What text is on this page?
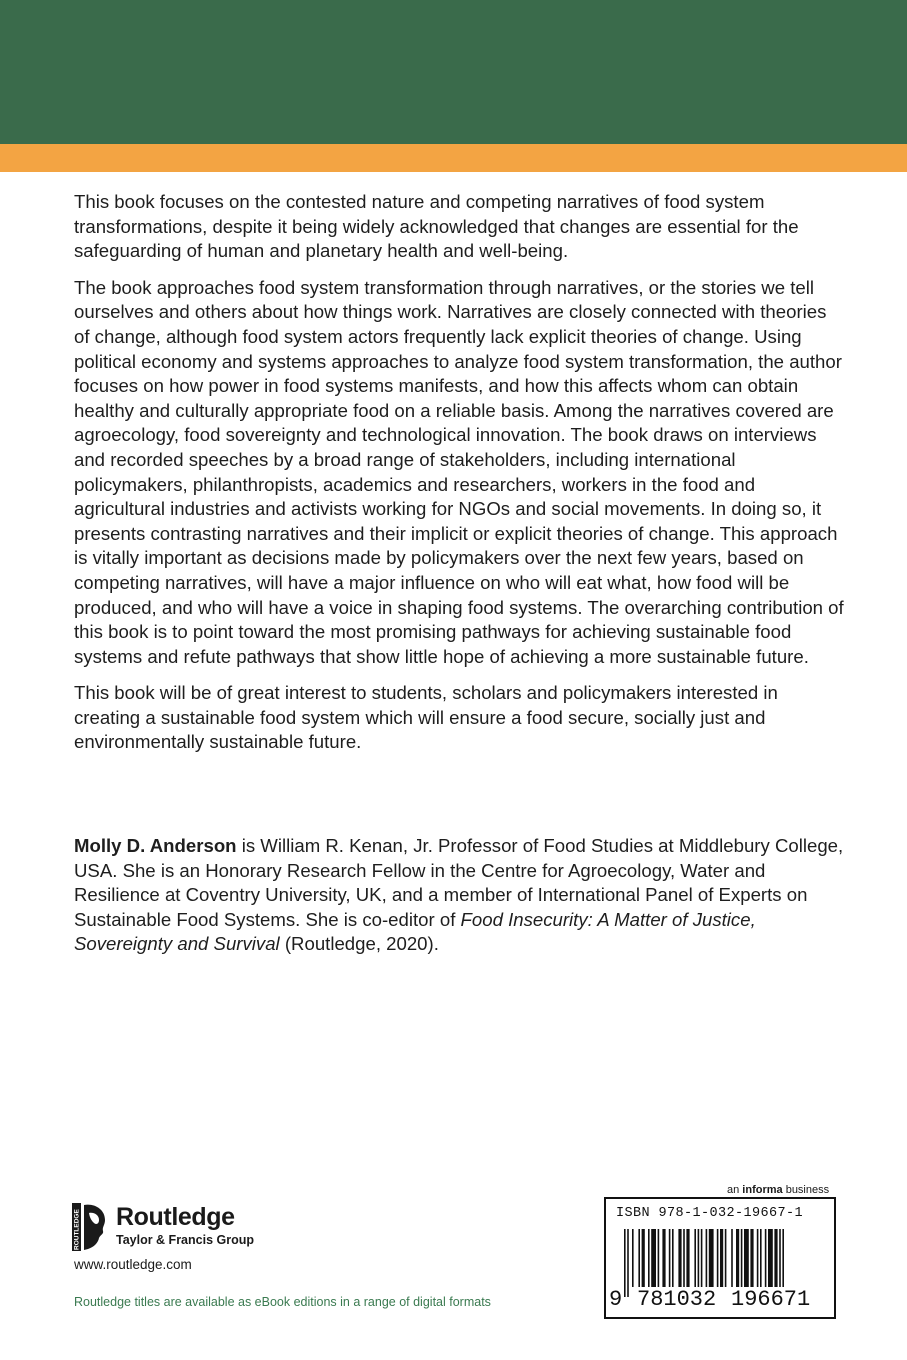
This book focuses on the contested nature and competing narratives of food system transformations, despite it being widely acknowledged that changes are essential for the safeguarding of human and planetary health and well-being.

The book approaches food system transformation through narratives, or the stories we tell ourselves and others about how things work. Narratives are closely connected with theories of change, although food system actors frequently lack explicit theories of change. Using political economy and systems approaches to analyze food system transformation, the author focuses on how power in food systems manifests, and how this affects whom can obtain healthy and culturally appropriate food on a reliable basis. Among the narratives covered are agroecology, food sovereignty and technological innovation. The book draws on interviews and recorded speeches by a broad range of stakeholders, including international policymakers, philanthropists, academics and researchers, workers in the food and agricultural industries and activists working for NGOs and social movements. In doing so, it presents contrasting narratives and their implicit or explicit theories of change. This approach is vitally important as decisions made by policymakers over the next few years, based on competing narratives, will have a major influence on who will eat what, how food will be produced, and who will have a voice in shaping food systems. The overarching contribution of this book is to point toward the most promising pathways for achieving sustainable food systems and refute pathways that show little hope of achieving a more sustainable future.

This book will be of great interest to students, scholars and policymakers interested in creating a sustainable food system which will ensure a food secure, socially just and environmentally sustainable future.

Molly D. Anderson is William R. Kenan, Jr. Professor of Food Studies at Middlebury College, USA. She is an Honorary Research Fellow in the Centre for Agroecology, Water and Resilience at Coventry University, UK, and a member of International Panel of Experts on Sustainable Food Systems. She is co-editor of Food Insecurity: A Matter of Justice, Sovereignty and Survival (Routledge, 2020).

ROUTLEDGE Routledge
Taylor & Francis Group
www.routledge.com
Routledge titles are available as eBook editions in a range of digital formats
an informa business
ISBN 978-1-032-19667-1
9 781032 196671
